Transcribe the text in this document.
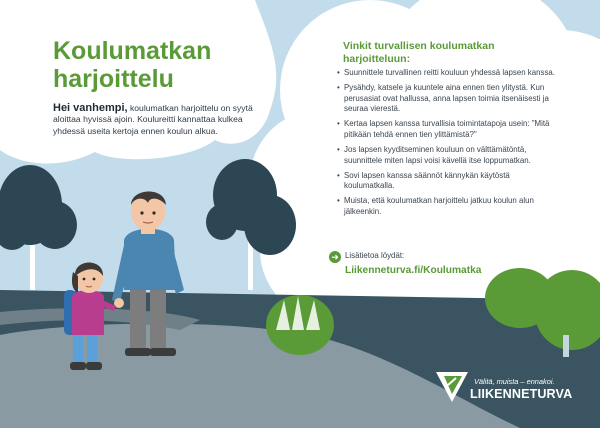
Koulumatkan
harjoittelu

Hei vanhempi, koulumatkan harjoittelu on syytä aloittaa hyvissä ajoin. Koulureitti kannattaa kulkea yhdessä useita kertoja ennen koulun alkua.

Vinkit turvallisen koulumatkan harjoitteluun:
• Suunnittele turvallinen reitti kouluun yhdessä lapsen kanssa.
• Pysähdy, katsele ja kuuntele aina ennen tien ylitystä. Kun perusasiat ovat hallussa, anna lapsen toimia itsenäisesti ja seuraa vierestä.
• Kertaa lapsen kanssa turvallisia toimintatapoja usein: "Mitä pitikään tehdä ennen tien ylittämistä?"
• Jos lapsen kyyditseminen kouluun on välttämätöntä, suunnittele miten lapsi voisi kävellä itse loppumatkan.
• Sovi lapsen kanssa säännöt kännykän käytöstä koulumatkalla.
• Muista, että koulumatkan harjoittelu jatkuu koulun alun jälkeenkin.
➜ Lisätietoa löydät:
Liikenneturva.fi/Koulumatka
Välitä, muista – ennakoi.
LIIKENNETURVA
